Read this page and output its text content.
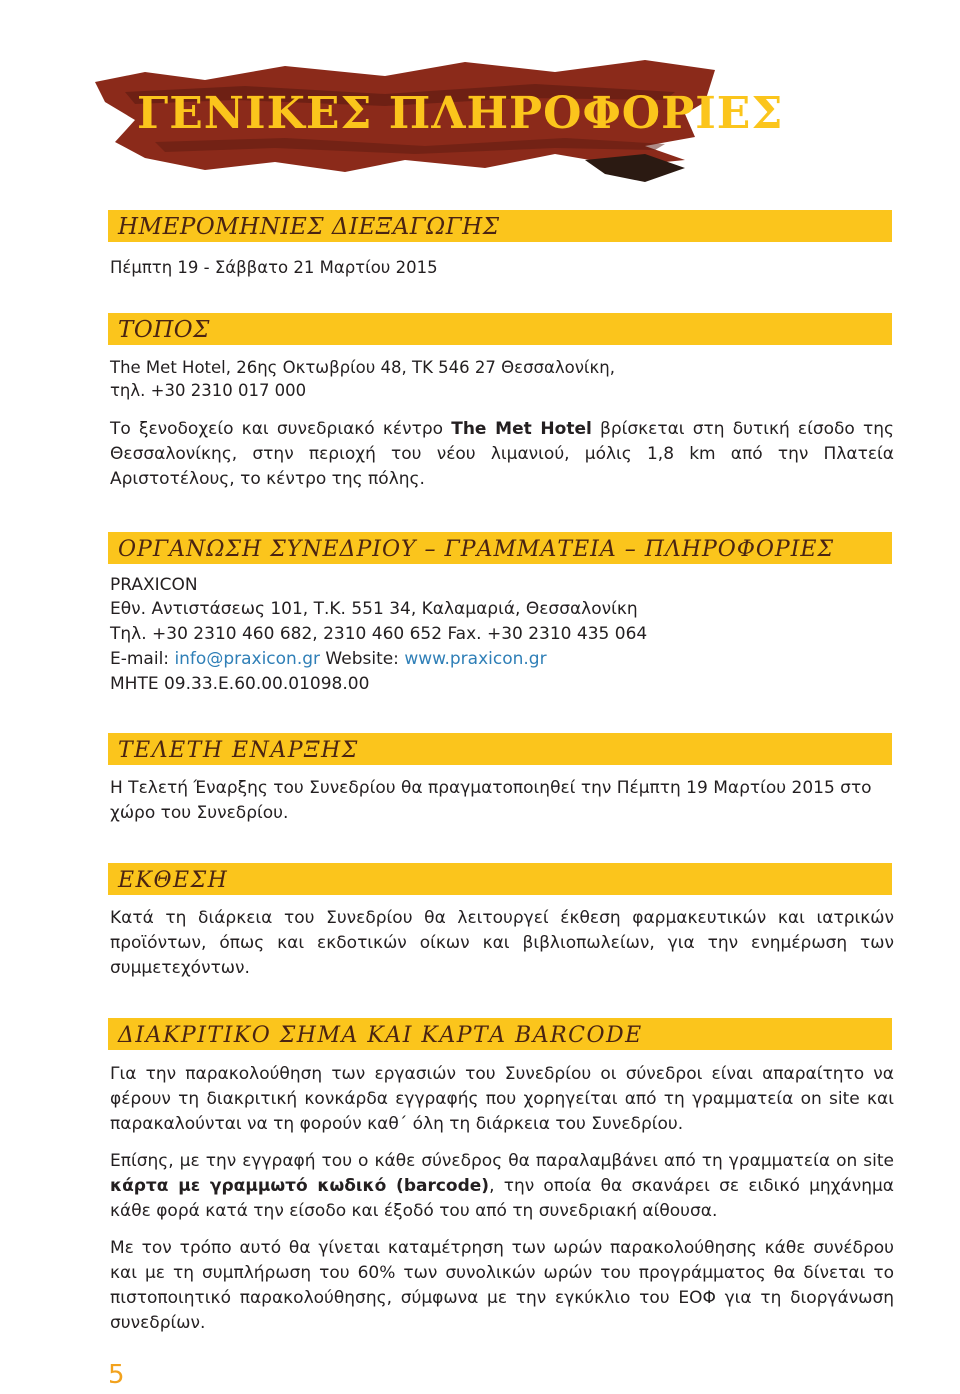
ΓΕΝΙΚΕΣ ΠΛΗΡΟΦΟΡΙΕΣ
ΗΜΕΡΟΜΗΝΙΕΣ ΔΙΕΞΑΓΩΓΗΣ
Πέμπτη 19 - Σάββατο 21 Μαρτίου 2015
ΤΟΠΟΣ
The Met Hotel, 26ης Οκτωβρίου 48, ΤΚ 546 27 Θεσσαλονίκη,
τηλ. +30 2310 017 000
Το ξενοδοχείο και συνεδριακό κέντρο The Met Hotel βρίσκεται στη δυτική είσοδο της Θεσσαλονίκης, στην περιοχή του νέου λιμανιού, μόλις 1,8 km από την Πλατεία Αριστοτέλους, το κέντρο της πόλης.
ΟΡΓΑΝΩΣΗ ΣΥΝΕΔΡΙΟΥ – ΓΡΑΜΜΑΤΕΙΑ – ΠΛΗΡΟΦΟΡΙΕΣ
PRAXICON
Εθν. Αντιστάσεως 101, Τ.Κ. 551 34, Καλαμαριά, Θεσσαλονίκη
Τηλ. +30 2310 460 682, 2310 460 652 Fax. +30 2310 435 064
E-mail: info@praxicon.gr Website: www.praxicon.gr
ΜΗΤΕ 09.33.Ε.60.00.01098.00
ΤΕΛΕΤΗ ΕΝΑΡΞΗΣ
Η Τελετή Έναρξης του Συνεδρίου θα πραγματοποιηθεί την Πέμπτη 19 Μαρτίου 2015 στο χώρο του Συνεδρίου.
ΕΚΘΕΣΗ
Κατά τη διάρκεια του Συνεδρίου θα λειτουργεί έκθεση φαρμακευτικών και ιατρικών προϊόντων, όπως και εκδοτικών οίκων και βιβλιοπωλείων, για την ενημέρωση των συμμετεχόντων.
ΔΙΑΚΡΙΤΙΚΟ ΣΗΜΑ ΚΑΙ ΚΑΡΤΑ BARCODE
Για την παρακολούθηση των εργασιών του Συνεδρίου οι σύνεδροι είναι απαραίτητο να φέρουν τη διακριτική κονκάρδα εγγραφής που χορηγείται από τη γραμματεία on site και παρακαλούνται να τη φορούν καθ΄ όλη τη διάρκεια του Συνεδρίου.
Επίσης, με την εγγραφή του ο κάθε σύνεδρος θα παραλαμβάνει από τη γραμματεία on site κάρτα με γραμμωτό κωδικό (barcode), την οποία θα σκανάρει σε ειδικό μηχάνημα κάθε φορά κατά την είσοδο και έξοδό του από τη συνεδριακή αίθουσα.
Με τον τρόπο αυτό θα γίνεται καταμέτρηση των ωρών παρακολούθησης κάθε συνέδρου και με τη συμπλήρωση του 60% των συνολικών ωρών του προγράμματος θα δίνεται το πιστοποιητικό παρακολούθησης, σύμφωνα με την εγκύκλιο του ΕΟΦ για τη διοργάνωση συνεδρίων.
5
